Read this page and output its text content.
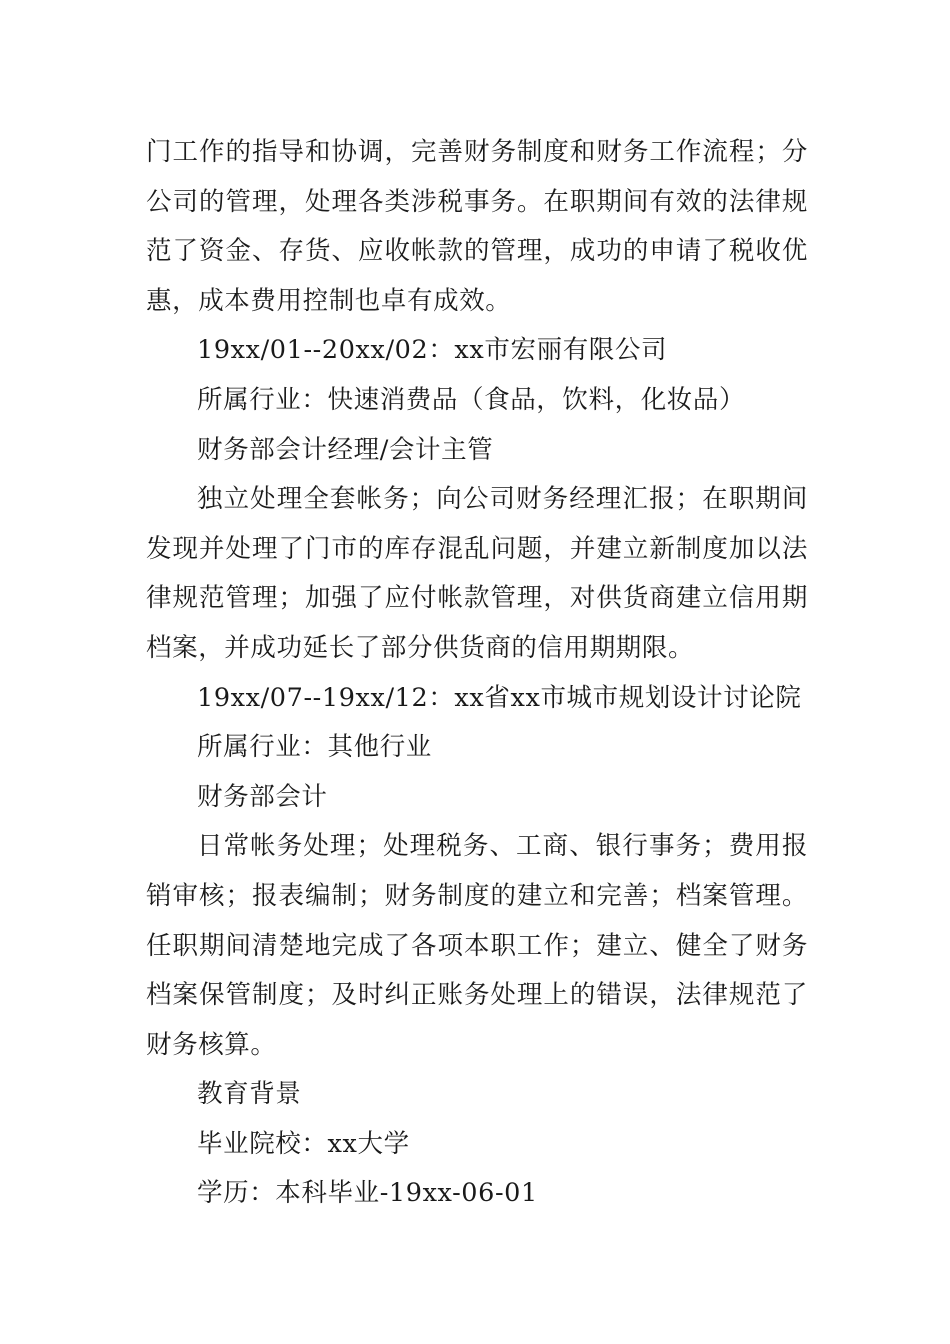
门工作的指导和协调，完善财务制度和财务工作流程；分公司的管理，处理各类涉税事务。在职期间有效的法律规范了资金、存货、应收帐款的管理，成功的申请了税收优惠，成本费用控制也卓有成效。

19xx/01--20xx/02：xx市宏丽有限公司

所属行业：快速消费品（食品，饮料，化妆品）

财务部会计经理/会计主管

独立处理全套帐务；向公司财务经理汇报；在职期间发现并处理了门市的库存混乱问题，并建立新制度加以法律规范管理；加强了应付帐款管理，对供货商建立信用期档案，并成功延长了部分供货商的信用期期限。

19xx/07--19xx/12：xx省xx市城市规划设计讨论院

所属行业：其他行业

财务部会计

日常帐务处理；处理税务、工商、银行事务；费用报销审核；报表编制；财务制度的建立和完善；档案管理。任职期间清楚地完成了各项本职工作；建立、健全了财务档案保管制度；及时纠正账务处理上的错误，法律规范了财务核算。

教育背景

毕业院校：xx大学

学历：本科毕业-19xx-06-01
